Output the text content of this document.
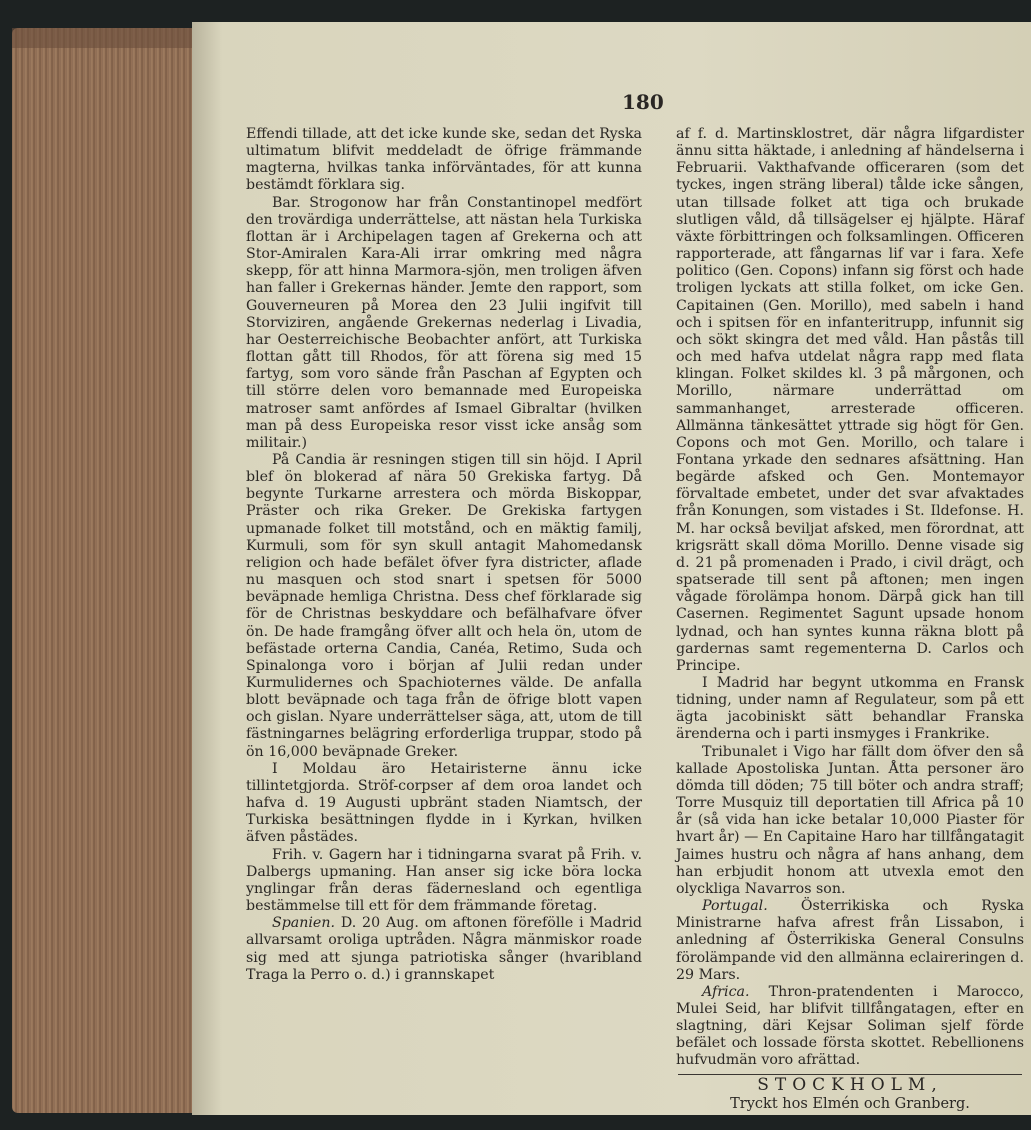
180

Effendi tillade, att det icke kunde ske, sedan det Ryska ultimatum blifvit meddeladt de öfrige främmande magterna, hvilkas tanka införväntades, för att kunna bestämdt förklara sig.

Bar. Strogonow har från Constantinopel medfört den trovärdiga underrättelse, att nästan hela Turkiska flottan är i Archipelagen tagen af Grekerna och att Stor-Amiralen Kara-Ali irrar omkring med några skepp, för att hinna Marmora-sjön, men troligen äfven han faller i Grekernas händer. Jemte den rapport, som Gouverneuren på Morea den 23 Julii ingifvit till Storviziren, angående Grekernas nederlag i Livadia, har Oesterreichische Beobachter anfört, att Turkiska flottan gått till Rhodos, för att förena sig med 15 fartyg, som voro sände från Paschan af Egypten och till större delen voro bemannade med Europeiska matroser samt anfördes af Ismael Gibraltar (hvilken man på dess Europeiska resor visst icke ansåg som militair.)

På Candia är resningen stigen till sin höjd. I April blef ön blokerad af nära 50 Grekiska fartyg. Då begynte Turkarne arrestera och mörda Biskoppar, Präster och rika Greker. De Grekiska fartygen upmanade folket till motstånd, och en mäktig familj, Kurmuli, som för syn skull antagit Mahomedansk religion och hade befälet öfver fyra districter, aflade nu masquen och stod snart i spetsen för 5000 beväpnade hemliga Christna. Dess chef förklarade sig för de Christnas beskyddare och befälhafvare öfver ön. De hade framgång öfver allt och hela ön, utom de befästade orterna Candia, Canéa, Retimo, Suda och Spinalonga voro i början af Julii redan under Kurmulidernes och Spachioternes välde. De anfalla blott beväpnade och taga från de öfrige blott vapen och gislan. Nyare underrättelser säga, att, utom de till fästningarnes belägring erforderliga truppar, stodo på ön 16,000 beväpnade Greker.

I Moldau äro Hetairisterne ännu icke tillintetgjorda. Ströf-corpser af dem oroa landet och hafva d. 19 Augusti upbränt staden Niamtsch, der Turkiska besättningen flydde in i Kyrkan, hvilken äfven påstädes.

Frih. v. Gagern har i tidningarna svarat på Frih. v. Dalbergs upmaning. Han anser sig icke böra locka ynglingar från deras fädernesland och egentliga bestämmelse till ett för dem främmande företag.

Spanien. D. 20 Aug. om aftonen förefölle i Madrid allvarsamt oroliga uptråden. Några mänmiskor roade sig med att sjunga patriotiska sånger (hvaribland Traga la Perro o. d.) i grannskapet

af f. d. Martinsklostret, där några lifgardister ännu sitta häktade, i anledning af händelserna i Februarii. Vakthafvande officeraren (som det tyckes, ingen sträng liberal) tålde icke sången, utan tillsade folket att tiga och brukade slutligen våld, då tillsägelser ej hjälpte. Häraf växte förbittringen och folksamlingen. Officeren rapporterade, att fångarnas lif var i fara. Xefe politico (Gen. Copons) infann sig först och hade troligen lyckats att stilla folket, om icke Gen. Capitainen (Gen. Morillo), med sabeln i hand och i spitsen för en infanteritrupp, infunnit sig och sökt skingra det med våld. Han påstås till och med hafva utdelat några rapp med flata klingan. Folket skildes kl. 3 på mårgonen, och Morillo, närmare underrättad om sammanhanget, arresterade officeren. Allmänna tänkesättet yttrade sig högt för Gen. Copons och mot Gen. Morillo, och talare i Fontana yrkade den sednares afsättning. Han begärde afsked och Gen. Montemayor förvaltade embetet, under det svar afvaktades från Konungen, som vistades i St. Ildefonse. H. M. har också beviljat afsked, men förordnat, att krigsrätt skall döma Morillo. Denne visade sig d. 21 på promenaden i Prado, i civil drägt, och spatserade till sent på aftonen; men ingen vågade förolämpa honom. Därpå gick han till Casernen. Regimentet Sagunt upsade honom lydnad, och han syntes kunna räkna blott på gardernas samt regementerna D. Carlos och Principe.

I Madrid har begynt utkomma en Fransk tidning, under namn af Regulateur, som på ett ägta jacobiniskt sätt behandlar Franska ärenderna och i parti insmyges i Frankrike.

Tribunalet i Vigo har fällt dom öfver den så kallade Apostoliska Juntan. Åtta personer äro dömda till döden; 75 till böter och andra straff; Torre Musquiz till deportatien till Africa på 10 år (så vida han icke betalar 10,000 Piaster för hvart år) — En Capitaine Haro har tillfångatagit Jaimes hustru och några af hans anhang, dem han erbjudit honom att utvexla emot den olyckliga Navarros son.

Portugal. Österrikiska och Ryska Ministrarne hafva afrest från Lissabon, i anledning af Österrikiska General Consulns förolämpande vid den allmänna eclaireringen d. 29 Mars.

Africa. Thron-pratendenten i Marocco, Mulei Seid, har blifvit tillfångatagen, efter en slagtning, däri Kejsar Soliman sjelf förde befälet och lossade första skottet. Rebellionens hufvudmän voro afrättad.

STOCKHOLM,
Tryckt hos Elmén och Granberg.
